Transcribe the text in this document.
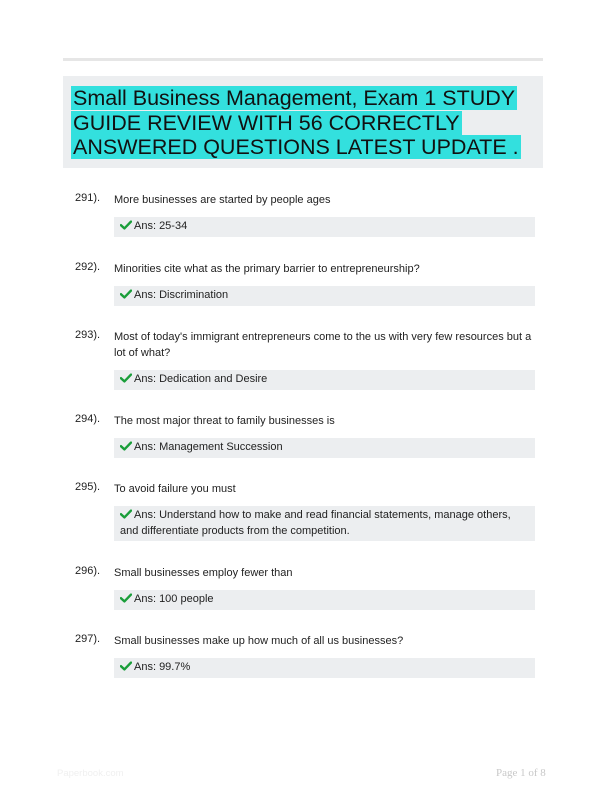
Small Business Management, Exam 1 STUDY GUIDE REVIEW WITH 56 CORRECTLY ANSWERED QUESTIONS LATEST UPDATE .
291). More businesses are started by people ages
Ans: 25-34
292). Minorities cite what as the primary barrier to entrepreneurship?
Ans: Discrimination
293). Most of today's immigrant entrepreneurs come to the us with very few resources but a lot of what?
Ans: Dedication and Desire
294). The most major threat to family businesses is
Ans: Management Succession
295). To avoid failure you must
Ans: Understand how to make and read financial statements, manage others, and differentiate products from the competition.
296). Small businesses employ fewer than
Ans: 100 people
297). Small businesses make up how much of all us businesses?
Ans: 99.7%
Paperbook.com	Page 1 of 8
